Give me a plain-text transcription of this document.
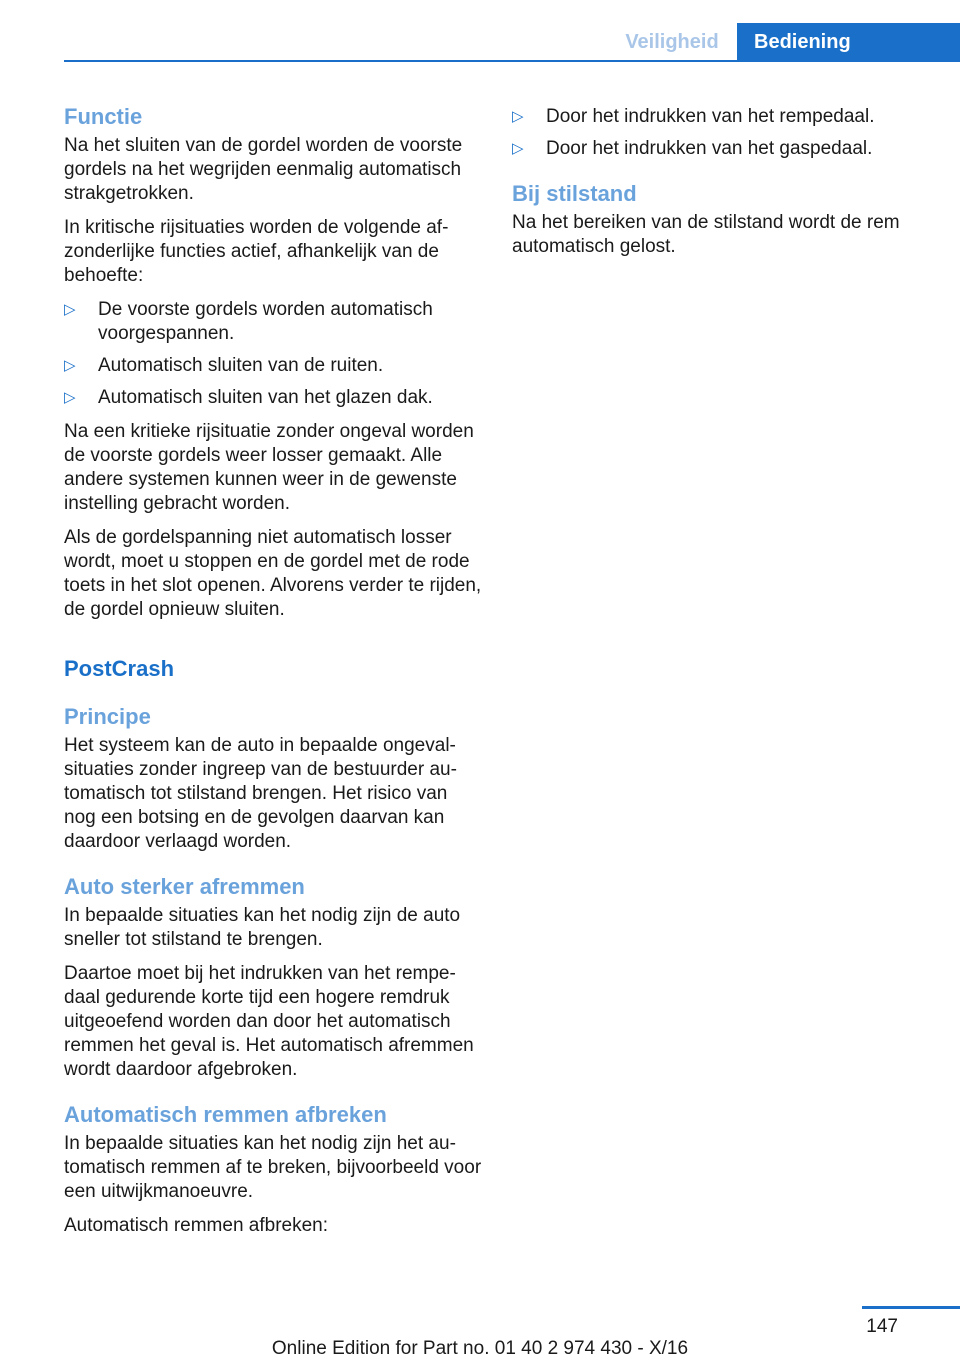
Veiligheid	Bediening
Functie

Na het sluiten van de gordel worden de voorste gordels na het wegrijden eenmalig automatisch strakgetrokken.

In kritische rijsituaties worden de volgende afzonderlijke functies actief, afhankelijk van de behoefte:

▷ De voorste gordels worden automatisch voorgespannen.
▷ Automatisch sluiten van de ruiten.
▷ Automatisch sluiten van het glazen dak.

Na een kritieke rijsituatie zonder ongeval worden de voorste gordels weer losser gemaakt. Alle andere systemen kunnen weer in de gewenste instelling gebracht worden.

Als de gordelspanning niet automatisch losser wordt, moet u stoppen en de gordel met de rode toets in het slot openen. Alvorens verder te rijden, de gordel opnieuw sluiten.

PostCrash
Principe

Het systeem kan de auto in bepaalde ongevalsituaties zonder ingreep van de bestuurder automatisch tot stilstand brengen. Het risico van nog een botsing en de gevolgen daarvan kan daardoor verlaagd worden.

Auto sterker afremmen

In bepaalde situaties kan het nodig zijn de auto sneller tot stilstand te brengen.

Daartoe moet bij het indrukken van het rempedaal gedurende korte tijd een hogere remdruk uitgeoefend worden dan door het automatisch remmen het geval is. Het automatisch afremmen wordt daardoor afgebroken.

Automatisch remmen afbreken

In bepaalde situaties kan het nodig zijn het automatisch remmen af te breken, bijvoorbeeld voor een uitwijkmanoeuvre.

Automatisch remmen afbreken:

▷ Door het indrukken van het rempedaal.
▷ Door het indrukken van het gaspedaal.
Bij stilstand

Na het bereiken van de stilstand wordt de rem automatisch gelost.

147
Online Edition for Part no. 01 40 2 974 430 - X/16
